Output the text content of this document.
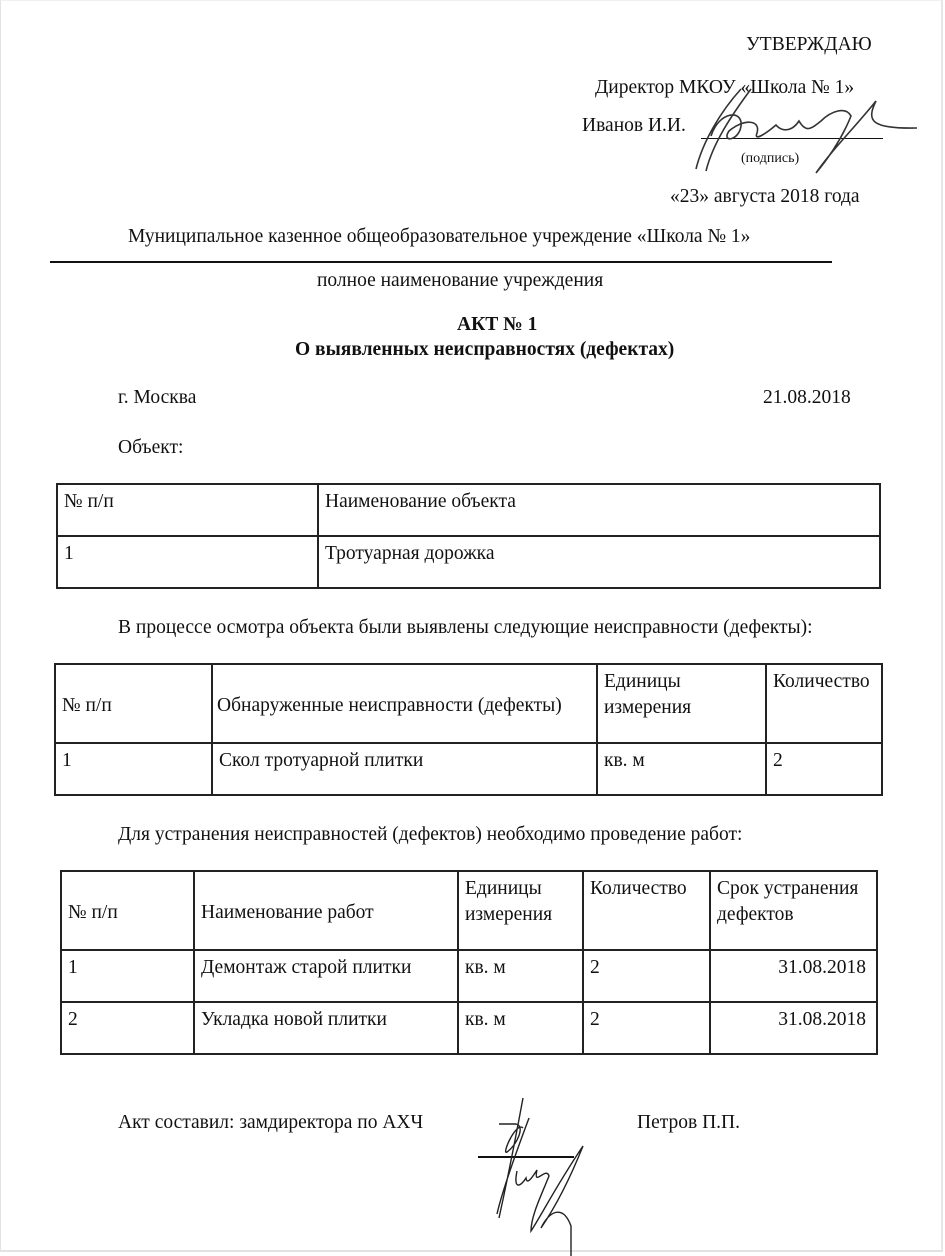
УТВЕРЖДАЮ
Директор МКОУ «Школа № 1»
Иванов И.И.
(подпись)
«23» августа 2018 года
Муниципальное казенное общеобразовательное учреждение «Школа № 1»
полное наименование учреждения
АКТ № 1
О выявленных неисправностях (дефектах)
г. Москва	21.08.2018
Объект:
№ п/п	Наименование объекта
1	Тротуарная дорожка
В процессе осмотра объекта были выявлены следующие неисправности (дефекты):
№ п/п	Обнаруженные неисправности (дефекты)	Единицы измерения	Количество
1	Скол тротуарной плитки	кв. м	2
Для устранения неисправностей (дефектов) необходимо проведение работ:
№ п/п	Наименование работ	Единицы измерения	Количество	Срок устранения дефектов
1	Демонтаж старой плитки	кв. м	2	31.08.2018
2	Укладка новой плитки	кв. м	2	31.08.2018
Акт составил: замдиректора по АХЧ	Петров П.П.
